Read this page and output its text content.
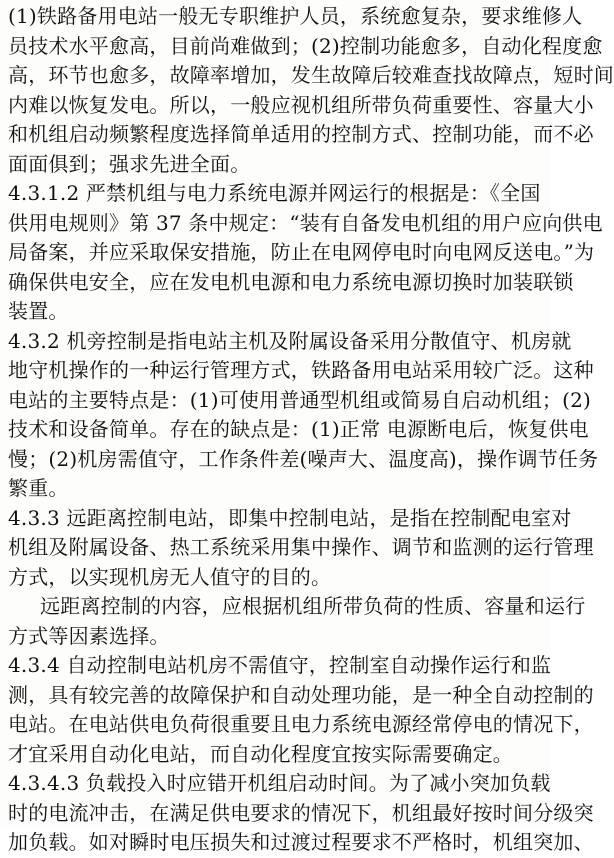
(1)铁路备用电站一般无专职维护人员，系统愈复杂，要求维修人
员技术水平愈高，目前尚难做到；(2)控制功能愈多，自动化程度愈
高，环节也愈多，故障率增加，发生故障后较难查找故障点，短时间
内难以恢复发电。所以，一般应视机组所带负荷重要性、容量大小
和机组启动频繁程度选择简单适用的控制方式、控制功能，而不必
面面俱到；强求先进全面。
4.3.1.2 严禁机组与电力系统电源并网运行的根据是：《全国
供用电规则》第 37 条中规定：“装有自备发电机组的用户应向供电
局备案，并应采取保安措施，防止在电网停电时向电网反送电。”为
确保供电安全，应在发电机电源和电力系统电源切换时加装联锁
装置。
4.3.2 机旁控制是指电站主机及附属设备采用分散值守、机房就
地守机操作的一种运行管理方式，铁路备用电站采用较广泛。这种
电站的主要特点是：(1)可使用普通型机组或简易自启动机组；(2)
技术和设备简单。存在的缺点是：(1)正常 电源断电后，恢复供电
慢；(2)机房需值守，工作条件差(噪声大、温度高)，操作调节任务
繁重。
4.3.3 远距离控制电站，即集中控制电站，是指在控制配电室对
机组及附属设备、热工系统采用集中操作、调节和监测的运行管理
方式，以实现机房无人值守的目的。
远距离控制的内容，应根据机组所带负荷的性质、容量和运行
方式等因素选择。
4.3.4 自动控制电站机房不需值守，控制室自动操作运行和监
测，具有较完善的故障保护和自动处理功能，是一种全自动控制的
电站。在电站供电负荷很重要且电力系统电源经常停电的情况下，
才宜采用自动化电站，而自动化程度宜按实际需要确定。
4.3.4.3 负载投入时应错开机组启动时间。为了减小突加负载
时的电流冲击，在满足供电要求的情况下，机组最好按时间分级突
加负载。如对瞬时电压损失和过渡过程要求不严格时，机组突加、
